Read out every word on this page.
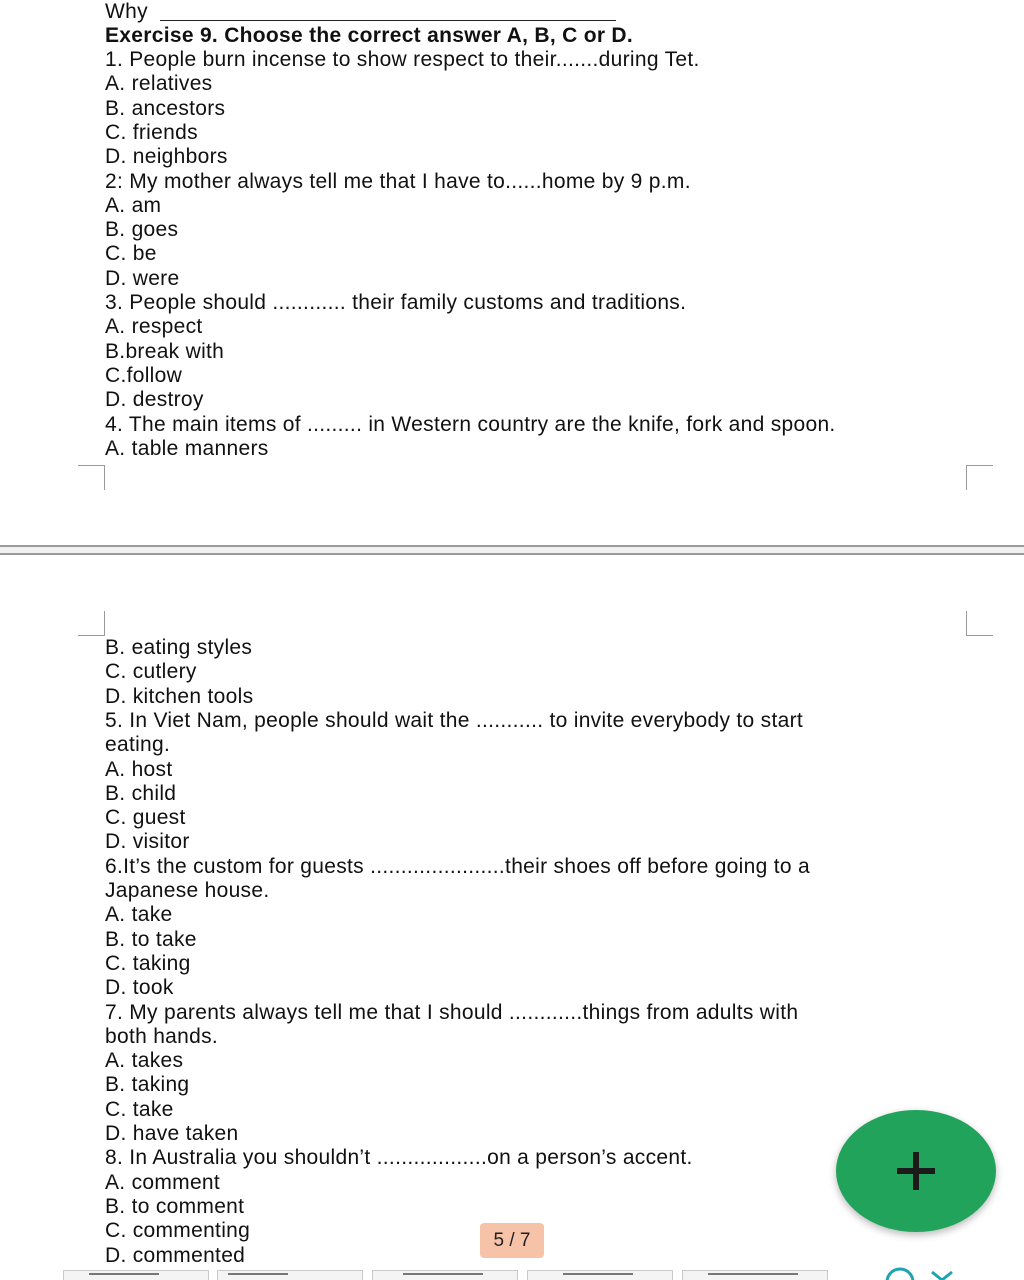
Why
Exercise 9. Choose the correct answer A, B, C or D.
1. People burn incense to show respect to their.......during Tet.
A. relatives
B. ancestors
C. friends
D. neighbors
2: My mother always tell me that I have to......home by 9 p.m.
A. am
B. goes
C. be
D. were
3. People should ............ their family customs and traditions.
A. respect
B.break with
C.follow
D. destroy
4. The main items of ......... in Western country are the knife, fork and spoon.
A. table manners
B. eating styles
C. cutlery
D. kitchen tools
5. In Viet Nam, people should wait the ........... to invite everybody to start
eating.
A. host
B. child
C. guest
D. visitor
6.It’s the custom for guests ......................their shoes off before going to a
Japanese house.
A. take
B. to take
C. taking
D. took
7. My parents always tell me that I should ............things from adults with
both hands.
A. takes
B. taking
C. take
D. have taken
8. In Australia you shouldn’t ..................on a person’s accent.
A. comment
B. to comment
C. commenting
D. commented
5 / 7
